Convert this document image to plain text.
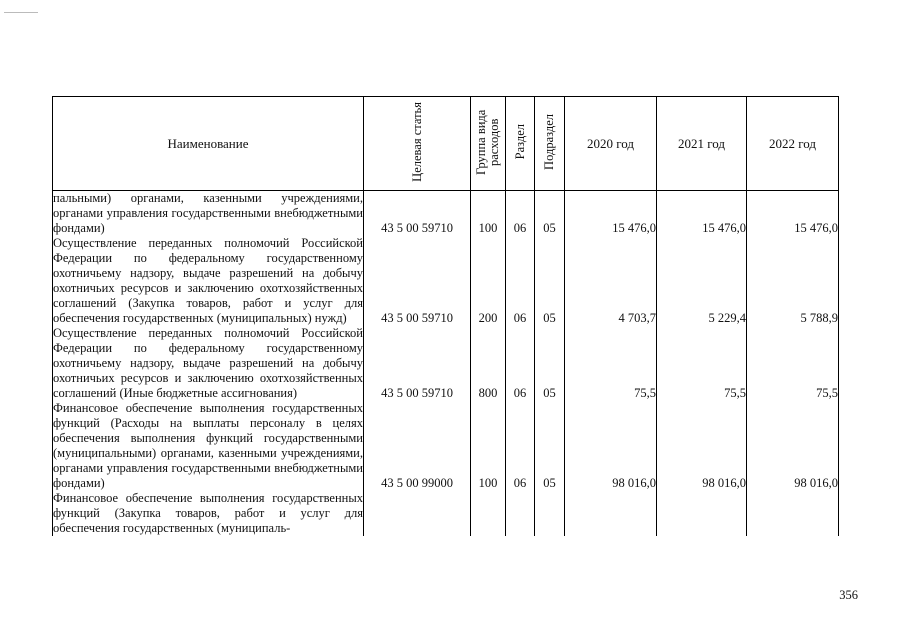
Наименование	Целевая статья	Группа вида расходов	Раздел	Подраздел	2020 год	2021 год	2022 год
пальными) органами, казенными учреждениями, органами управления государственными внебюджетными фондами)	43 5 00 59710	100	06	05	15 476,0	15 476,0	15 476,0
Осуществление переданных полномочий Российской Федерации по федеральному государственному охотничьему надзору, выдаче разрешений на добычу охотничьих ресурсов и заключению охотхозяйственных соглашений (Закупка товаров, работ и услуг для обеспечения государственных (муниципальных) нужд)	43 5 00 59710	200	06	05	4 703,7	5 229,4	5 788,9
Осуществление переданных полномочий Российской Федерации по федеральному государственному охотничьему надзору, выдаче разрешений на добычу охотничьих ресурсов и заключению охотхозяйственных соглашений (Иные бюджетные ассигнования)	43 5 00 59710	800	06	05	75,5	75,5	75,5
Финансовое обеспечение выполнения государственных функций (Расходы на выплаты персоналу в целях обеспечения выполнения функций государственными (муниципальными) органами, казенными учреждениями, органами управления государственными внебюджетными фондами)	43 5 00 99000	100	06	05	98 016,0	98 016,0	98 016,0
Финансовое обеспечение выполнения государственных функций (Закупка товаров, работ и услуг для обеспечения государственных (муниципаль-							
356
